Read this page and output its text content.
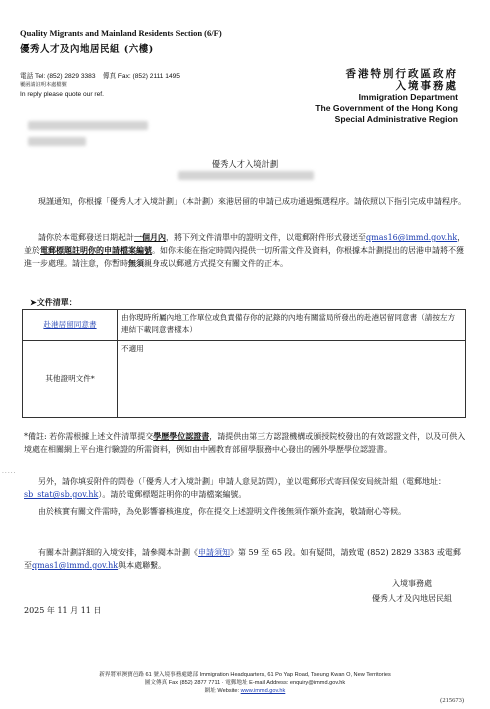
Quality Migrants and Mainland Residents Section (6/F)
優秀人才及內地居民組 (六樓)
電話 Tel: (852) 2829 3383 傳真 Fax: (852) 2111 1495
覆函請註明本處檔號
In reply please quote our ref.
香港特別行政區政府
入境事務處
Immigration Department
The Government of the Hong Kong
Special Administrative Region
優秀人才入境計劃
現謹通知，你根據「優秀人才入境計劃」（本計劃）來港居留的申請已成功通過甄選程序。請依照以下指引完成申請程序。
請你於本電郵發送日期起計一個月內，將下列文件清單中的證明文件，以電郵附件形式發送至qmas16@immd.gov.hk，並於電郵標題註明你的申請檔案編號。如你未能在指定時間內提供一切所需文件及資料，你根據本計劃提出的居港申請將不獲進一步處理。請注意，你暫時無須親身或以郵遞方式提交有關文件的正本。
➤文件清單：
赴港居留同意書	由你現時所屬內地工作單位或負責備存你的記錄的內地有關當局所發出的赴港居留同意書（請按左方連結下載同意書樣本）
其他證明文件*	不適用
*備註: 若你需根據上述文件清單提交學歷學位認證書，請提供由第三方認證機構或頒授院校發出的有效認證文件，以及可供入境處在相關網上平台進行驗證的所需資料，例如由中國教育部留學服務中心發出的國外學歷學位認證書。
·····
另外，請你填妥附件的問卷（「優秀人才入境計劃」申請人意見訪問），並以電郵形式寄回保安局統計組（電郵地址：sb_stat@sb.gov.hk）。請於電郵標題註明你的申請檔案編號。
由於核實有關文件需時，為免影響審核進度，你在提交上述證明文件後無須作額外查詢，敬請耐心等候。
有關本計劃詳細的入境安排，請參閱本計劃《申請須知》第 59 至 65 段。如有疑問，請致電 (852) 2829 3383 或電郵至qmas1@immd.gov.hk與本處聯繫。
入境事務處
優秀人才及內地居民組
2025 年 11 月 11 日
新界將軍澳寶邑路 61 號入境事務處總部 Immigration Headquarters, 61 Po Yap Road, Tseung Kwan O, New Territories
圖文傳真 Fax (852) 2877 7711 · 電郵地址 E-mail Address: enquiry@immd.gov.hk
網址 Website: www.immd.gov.hk
(215673)
